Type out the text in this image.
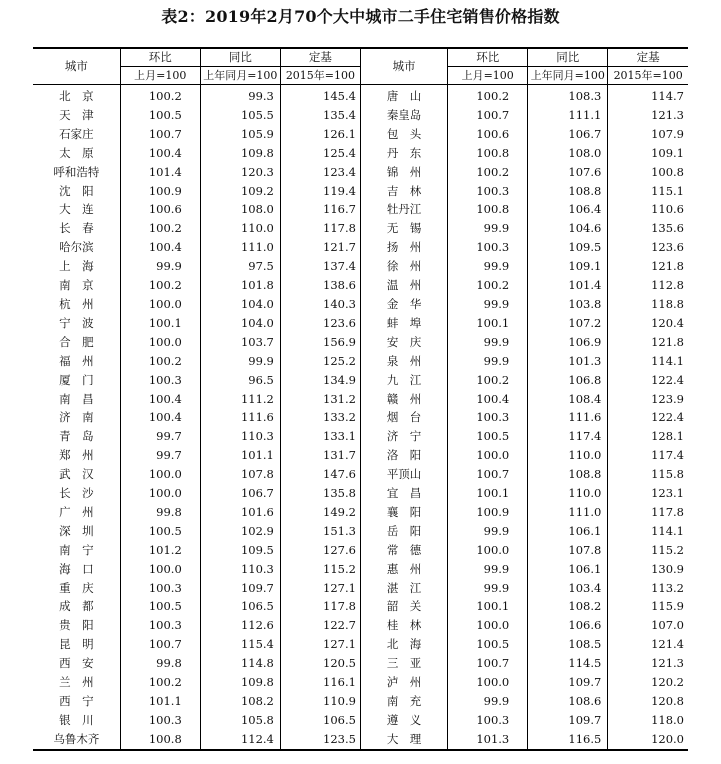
表2：2019年2月70个大中城市二手住宅销售价格指数
城市	环比	同比	定基	城市	环比	同比	定基
	上月=100	上年同月=100	2015年=100		上月=100	上年同月=100	2015年=100
北　京	100.2	99.3	145.4	唐　山	100.2	108.3	114.7
天　津	100.5	105.5	135.4	秦皇岛	100.7	111.1	121.3
石家庄	100.7	105.9	126.1	包　头	100.6	106.7	107.9
太　原	100.4	109.8	125.4	丹　东	100.8	108.0	109.1
呼和浩特	101.4	120.3	123.4	锦　州	100.2	107.6	100.8
沈　阳	100.9	109.2	119.4	吉　林	100.3	108.8	115.1
大　连	100.6	108.0	116.7	牡丹江	100.8	106.4	110.6
长　春	100.2	110.0	117.8	无　锡	99.9	104.6	135.6
哈尔滨	100.4	111.0	121.7	扬　州	100.3	109.5	123.6
上　海	99.9	97.5	137.4	徐　州	99.9	109.1	121.8
南　京	100.2	101.8	138.6	温　州	100.2	101.4	112.8
杭　州	100.0	104.0	140.3	金　华	99.9	103.8	118.8
宁　波	100.1	104.0	123.6	蚌　埠	100.1	107.2	120.4
合　肥	100.0	103.7	156.9	安　庆	99.9	106.9	121.8
福　州	100.2	99.9	125.2	泉　州	99.9	101.3	114.1
厦　门	100.3	96.5	134.9	九　江	100.2	106.8	122.4
南　昌	100.4	111.2	131.2	赣　州	100.4	108.4	123.9
济　南	100.4	111.6	133.2	烟　台	100.3	111.6	122.4
青　岛	99.7	110.3	133.1	济　宁	100.5	117.4	128.1
郑　州	99.7	101.1	131.7	洛　阳	100.0	110.0	117.4
武　汉	100.0	107.8	147.6	平顶山	100.7	108.8	115.8
长　沙	100.0	106.7	135.8	宜　昌	100.1	110.0	123.1
广　州	99.8	101.6	149.2	襄　阳	100.9	111.0	117.8
深　圳	100.5	102.9	151.3	岳　阳	99.9	106.1	114.1
南　宁	101.2	109.5	127.6	常　德	100.0	107.8	115.2
海　口	100.0	110.3	115.2	惠　州	99.9	106.1	130.9
重　庆	100.3	109.7	127.1	湛　江	99.9	103.4	113.2
成　都	100.5	106.5	117.8	韶　关	100.1	108.2	115.9
贵　阳	100.3	112.6	122.7	桂　林	100.0	106.6	107.0
昆　明	100.7	115.4	127.1	北　海	100.5	108.5	121.4
西　安	99.8	114.8	120.5	三　亚	100.7	114.5	121.3
兰　州	100.2	109.8	116.1	泸　州	100.0	109.7	120.2
西　宁	101.1	108.2	110.9	南　充	99.9	108.6	120.8
银　川	100.3	105.8	106.5	遵　义	100.3	109.7	118.0
乌鲁木齐	100.8	112.4	123.5	大　理	101.3	116.5	120.0
